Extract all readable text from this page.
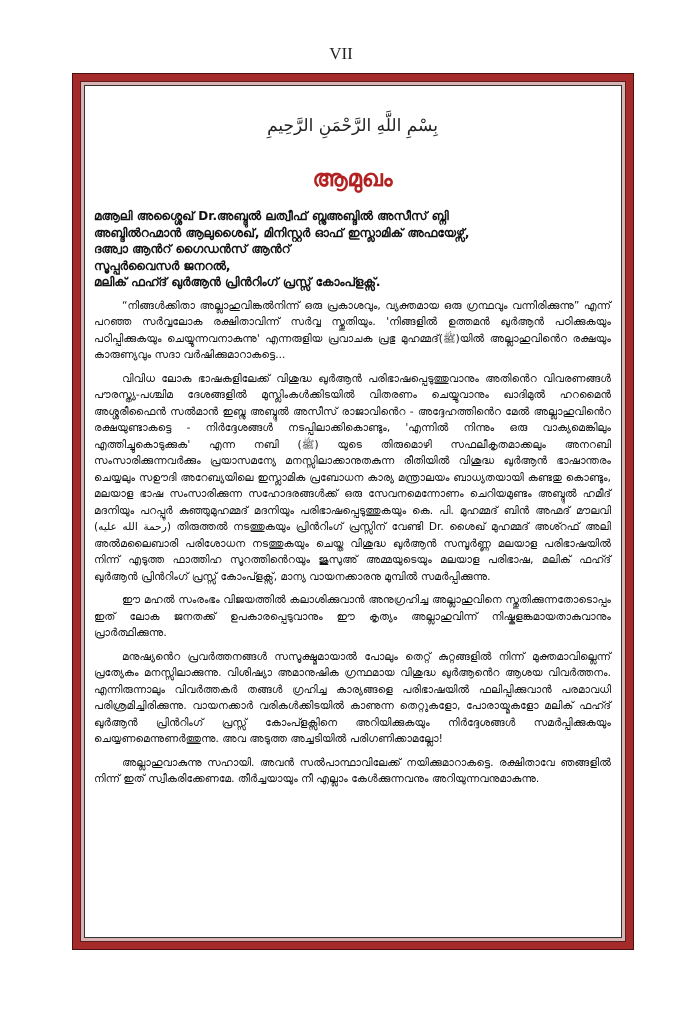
VII
بِسْمِ اللَّهِ الرَّحْمَنِ الرَّحِيمِ
ആമുഖം
മആലി അശ്ശൈഖ് Dr.അബ്ദുൽ ലത്വീഫ് ബ്നുഅബ്ദിൽ അസീസ് ബ്നി
അബ്ദിൽറഹ്മാൻ ആലുശൈഖ്, മിനിസ്റ്റർ ഓഫ് ഇസ്ലാമിക് അഫയേഴ്സ്,
ദഅ്വാ ആൻറ് ഗൈഡൻസ് ആൻറ്
സൂപ്പർവൈസർ ജനറൽ,
മലിക് ഫഹ്ദ് ഖുർആൻ പ്രിൻറിംഗ് പ്രസ്സ് കോംപ്ളക്സ്.

“നിങ്ങൾക്കിതാ അല്ലാഹുവിങ്കൽനിന്ന് ഒരു പ്രകാശവും, വ്യക്തമായ ഒരു ഗ്രന്ഥവും വന്നിരിക്കുന്നു” എന്ന് പറഞ്ഞ സർവ്വലോക രക്ഷിതാവിന്ന് സർവ്വ സ്തുതിയും. 'നിങ്ങളിൽ ഉത്തമൻ ഖുർആൻ പഠിക്കുകയും പഠിപ്പിക്കുകയും ചെയ്യുന്നവനാകുന്നു' എന്നരുളിയ പ്രവാചക പ്രഭു മുഹമ്മദ്(ﷺ)യിൽ അല്ലാഹുവിൻെറ രക്ഷയും കാരുണ്യവും സദാ വർഷിക്കുമാറാകട്ടെ...

വിവിധ ലോക ഭാഷകളിലേക്ക് വിശുദ്ധ ഖുർആൻ പരിഭാഷപ്പെടുത്തുവാനും അതിൻെറ വിവരണങ്ങൾ പൗരസ്ത്യ-പശ്ചിമ ദേശങ്ങളിൽ മുസ്ലിംകൾക്കിടയിൽ വിതരണം ചെയ്യുവാനും ഖാദിമുൽ ഹറമൈൻ അശ്ശരീഫൈൻ സൽമാൻ ഇബ്നു അബ്ദുൽ അസീസ് രാജാവിൻെറ - അദ്ദേഹത്തിൻെറ മേൽ അല്ലാഹുവിൻെറ രക്ഷയുണ്ടാകട്ടെ - നിർദ്ദേശങ്ങൾ നടപ്പിലാക്കികൊണ്ടും, 'എന്നിൽ നിന്നും ഒരു വാക്യമെങ്കിലും എത്തിച്ചുകൊടുക്കുക' എന്ന നബി (ﷺ) യുടെ തിരുമൊഴി സഫലീകൃതമാക്കലും അനറബി സംസാരിക്കുന്നവർക്കും പ്രയാസമന്യേ മനസ്സിലാക്കാനുതകുന്ന രീതിയിൽ വിശുദ്ധ ഖുർആൻ ഭാഷാന്തരം ചെയ്യലും സഊദി അറേബ്യയിലെ ഇസ്ലാമിക പ്രബോധന കാര്യ മന്ത്രാലയം ബാധ്യതയായി കണ്ടതു കൊണ്ടും, മലയാള ഭാഷ സംസാരിക്കുന്ന സഹോദരങ്ങൾക്ക് ഒരു സേവനമെന്നോണം ചെറിയമുണ്ടം അബ്ദുൽ ഹമീദ് മദനിയും പറപ്പൂർ കുഞ്ഞുമുഹമ്മദ് മദനിയും പരിഭാഷപ്പെടുത്തുകയും കെ. പി. മുഹമ്മദ് ബിൻ അഹ്മദ് മൗലവി (رحمة الله عليه) തിരുത്തൽ നടത്തുകയും പ്രിൻറിംഗ് പ്രസ്സിന് വേണ്ടി Dr. ശൈഖ് മുഹമ്മദ് അശ്റഫ് അലി അൽമലൈബാരി പരിശോധന നടത്തുകയും ചെയ്ത വിശുദ്ധ ഖുർആൻ സമ്പൂർണ്ണ മലയാള പരിഭാഷയിൽ നിന്ന് എടുത്ത ഫാത്തിഹ സൂറത്തിൻെറയും ജുസുഅ് അമ്മയുടെയും മലയാള പരിഭാഷ, മലിക് ഫഹ്ദ് ഖുർആൻ പ്രിൻറിംഗ് പ്രസ്സ് കോംപ്ളക്സ്, മാന്യ വായനക്കാരനു മുമ്പിൽ സമർപ്പിക്കുന്നു.

ഈ മഹൽ സംരംഭം വിജയത്തിൽ കലാശിക്കുവാൻ അനുഗ്രഹിച്ച അല്ലാഹുവിനെ സ്തുതിക്കുന്നതോടൊപ്പം ഇത് ലോക ജനതക്ക് ഉപകാരപ്പെടുവാനും ഈ കൃത്യം അല്ലാഹുവിന്ന് നിഷ്കളങ്കമായതാകുവാനും പ്രാർത്ഥിക്കുന്നു.

മനുഷ്യൻെറ പ്രവർത്തനങ്ങൾ സസൂക്ഷ്മമായാൽ പോലും തെറ്റ് കുറ്റങ്ങളിൽ നിന്ന് മുക്തമാവില്ലെന്ന് പ്രത്യേകം മനസ്സിലാക്കുന്നു. വിശിഷ്യാ അമാനുഷിക ഗ്രന്ഥമായ വിശുദ്ധ ഖുർആൻെറ ആശയ വിവർത്തനം. എന്നിരുന്നാലും വിവർത്തകർ തങ്ങൾ ഗ്രഹിച്ച കാര്യങ്ങളെ പരിഭാഷയിൽ ഫലിപ്പിക്കുവാൻ പരമാവധി പരിശ്രമിച്ചിരിക്കുന്നു. വായനക്കാർ വരികൾക്കിടയിൽ കാണുന്ന തെറ്റുകളോ, പോരായ്മകളോ മലിക് ഫഹ്ദ് ഖുർആൻ പ്രിൻറിംഗ് പ്രസ്സ് കോംപ്ളക്സിനെ അറിയിക്കുകയും നിർദ്ദേശങ്ങൾ സമർപ്പിക്കുകയും ചെയ്യണമെന്നുണർത്തുന്നു. അവ അടുത്ത അച്ചടിയിൽ പരിഗണിക്കാമല്ലോ!

അല്ലാഹുവാകുന്നു സഹായി. അവൻ സൽപാന്ഥാവിലേക്ക് നയിക്കുമാറാകട്ടെ. രക്ഷിതാവേ ഞങ്ങളിൽ നിന്ന് ഇത് സ്വീകരിക്കേണമേ. തീർച്ചയായും നീ എല്ലാം കേൾക്കുന്നവനും അറിയുന്നവനുമാകുന്നു.
